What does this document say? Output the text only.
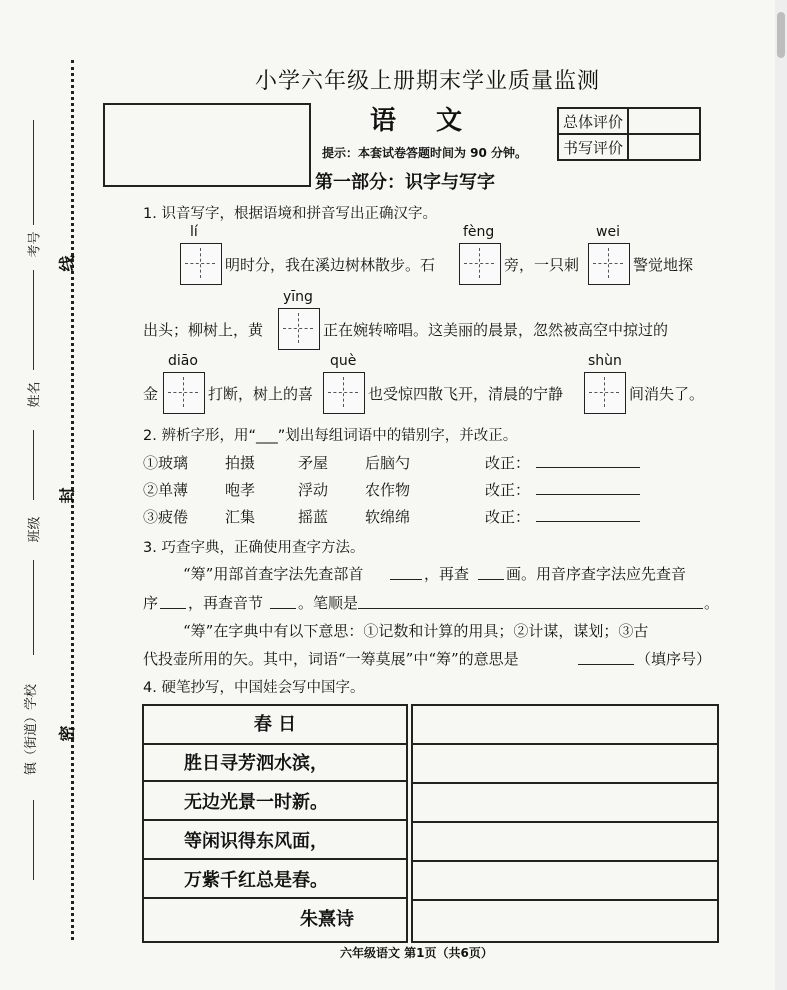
考号
姓名
班级
镇（街道）学校
线
封
密
小学六年级上册期末学业质量监测
语文
提示：本套试卷答题时间为 90 分钟。
总体评价	
书写评价	
第一部分：识字与写字
1. 识音写字，根据语境和拼音写出正确汉字。
lí
明时分，我在溪边树林散步。石
fèng
旁，一只刺
wei
警觉地探
yīng
出头；柳树上，黄	正在婉转啼唱。这美丽的晨景，忽然被高空中掠过的
diāo
金	打断，树上的喜
què
也受惊四散飞开，清晨的宁静
shùn
间消失了。
2. 辨析字形，用“___”划出每组词语中的错别字，并改正。
①玻璃 拍摄	矛屋 后脑勺	改正：
②单薄 咆孝	浮动 农作物	改正：
③疲倦 汇集	摇蓝 软绵绵	改正：
3. 巧查字典，正确使用查字方法。
“筹”用部首查字法先查部首	，再查 画。用音序查字法应先查音
序 ，再查音节 。笔顺是	。
“筹”在字典中有以下意思：①记数和计算的用具；②计谋，谋划；③古
代投壶所用的矢。其中，词语“一筹莫展”中“筹”的意思是	（填序号）
4. 硬笔抄写，中国娃会写中国字。
春 日
胜日寻芳泗水滨，
无边光景一时新。
等闲识得东风面，
万紫千红总是春。
朱熹诗
六年级语文 第1页（共6页）
